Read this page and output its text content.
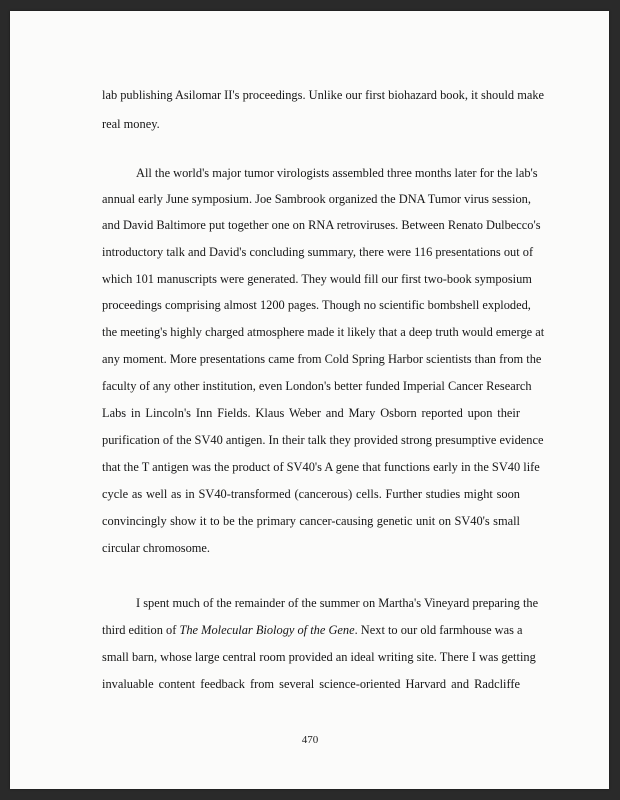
lab publishing Asilomar II's proceedings. Unlike our first biohazard book, it should make

real money.

All the world's major tumor virologists assembled three months later for the lab's

annual early June symposium. Joe Sambrook organized the DNA Tumor virus session,

and David Baltimore put together one on RNA retroviruses. Between Renato Dulbecco's

introductory talk and David's concluding summary, there were 116 presentations out of

which 101 manuscripts were generated. They would fill our first two-book symposium

proceedings comprising almost 1200 pages. Though no scientific bombshell exploded,

the meeting's highly charged atmosphere made it likely that a deep truth would emerge at

any moment. More presentations came from Cold Spring Harbor scientists than from the

faculty of any other institution, even London's better funded Imperial Cancer Research

Labs in Lincoln's Inn Fields. Klaus Weber and Mary Osborn reported upon their

purification of the SV40 antigen. In their talk they provided strong presumptive evidence

that the T antigen was the product of SV40's A gene that functions early in the SV40 life

cycle as well as in SV40-transformed (cancerous) cells. Further studies might soon

convincingly show it to be the primary cancer-causing genetic unit on SV40's small

circular chromosome.

I spent much of the remainder of the summer on Martha's Vineyard preparing the

third edition of The Molecular Biology of the Gene. Next to our old farmhouse was a

small barn, whose large central room provided an ideal writing site. There I was getting

invaluable content feedback from several science-oriented Harvard and Radcliffe

470
